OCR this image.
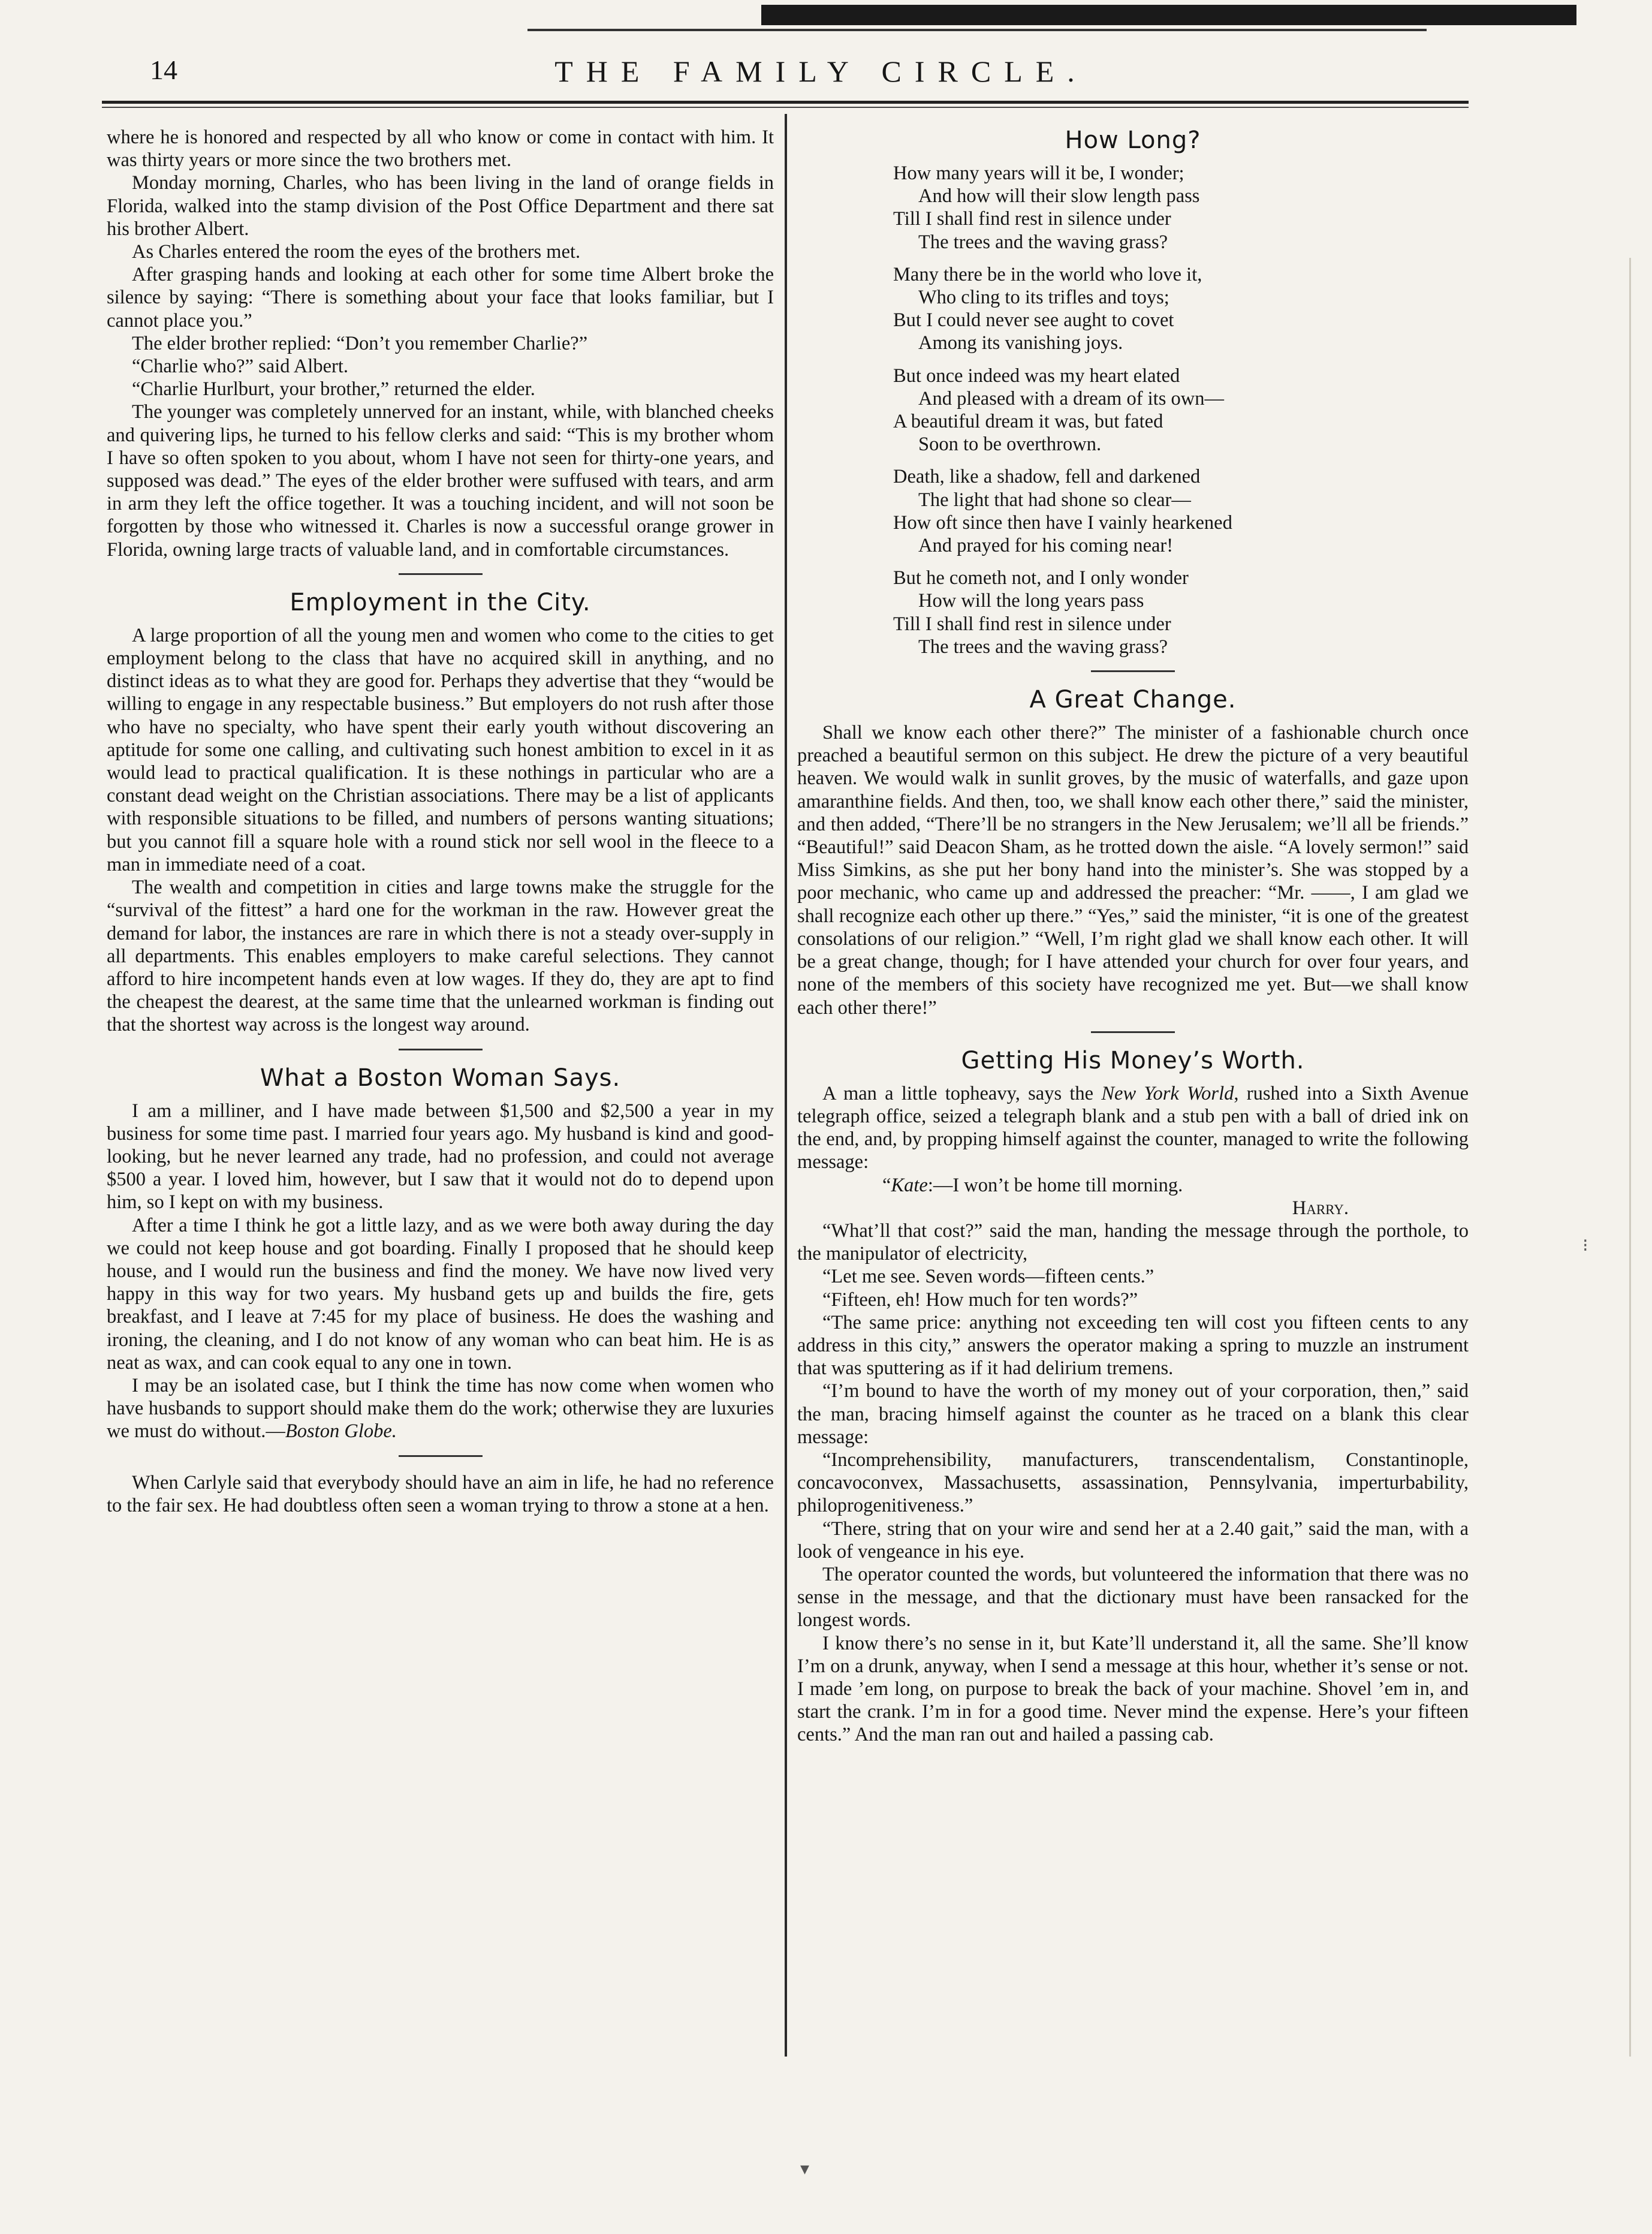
14	THE FAMILY CIRCLE.

where he is honored and respected by all who know or come in contact with him. It was thirty years or more since the two brothers met.

Monday morning, Charles, who has been living in the land of orange fields in Florida, walked into the stamp division of the Post Office Department and there sat his brother Albert.

As Charles entered the room the eyes of the brothers met.

After grasping hands and looking at each other for some time Albert broke the silence by saying: “There is something about your face that looks familiar, but I cannot place you.”

The elder brother replied: “Don’t you remember Charlie?”

“Charlie who?” said Albert.

“Charlie Hurlburt, your brother,” returned the elder.

The younger was completely unnerved for an instant, while, with blanched cheeks and quivering lips, he turned to his fellow clerks and said: “This is my brother whom I have so often spoken to you about, whom I have not seen for thirty-one years, and supposed was dead.” The eyes of the elder brother were suffused with tears, and arm in arm they left the office together. It was a touching incident, and will not soon be forgotten by those who witnessed it. Charles is now a successful orange grower in Florida, owning large tracts of valuable land, and in comfortable circumstances.

Employment in the City.

A large proportion of all the young men and women who come to the cities to get employment belong to the class that have no acquired skill in anything, and no distinct ideas as to what they are good for. Perhaps they advertise that they “would be willing to engage in any respectable business.” But employers do not rush after those who have no specialty, who have spent their early youth without discovering an aptitude for some one calling, and cultivating such honest ambition to excel in it as would lead to practical qualification. It is these nothings in particular who are a constant dead weight on the Christian associations. There may be a list of applicants with responsible situations to be filled, and numbers of persons wanting situations; but you cannot fill a square hole with a round stick nor sell wool in the fleece to a man in immediate need of a coat.

The wealth and competition in cities and large towns make the struggle for the “survival of the fittest” a hard one for the workman in the raw. However great the demand for labor, the instances are rare in which there is not a steady over-supply in all departments. This enables employers to make careful selections. They cannot afford to hire incompetent hands even at low wages. If they do, they are apt to find the cheapest the dearest, at the same time that the unlearned workman is finding out that the shortest way across is the longest way around.

What a Boston Woman Says.

I am a milliner, and I have made between $1,500 and $2,500 a year in my business for some time past. I married four years ago. My husband is kind and good-looking, but he never learned any trade, had no profession, and could not average $500 a year. I loved him, however, but I saw that it would not do to depend upon him, so I kept on with my business.

After a time I think he got a little lazy, and as we were both away during the day we could not keep house and got boarding. Finally I proposed that he should keep house, and I would run the business and find the money. We have now lived very happy in this way for two years. My husband gets up and builds the fire, gets breakfast, and I leave at 7:45 for my place of business. He does the washing and ironing, the cleaning, and I do not know of any woman who can beat him. He is as neat as wax, and can cook equal to any one in town.

I may be an isolated case, but I think the time has now come when women who have husbands to support should make them do the work; otherwise they are luxuries we must do without.—Boston Globe.

When Carlyle said that everybody should have an aim in life, he had no reference to the fair sex. He had doubtless often seen a woman trying to throw a stone at a hen.

How Long?
How many years will it be, I wonder;
And how will their slow length pass
Till I shall find rest in silence under
The trees and the waving grass?
Many there be in the world who love it,
Who cling to its trifles and toys;
But I could never see aught to covet
Among its vanishing joys.
But once indeed was my heart elated
And pleased with a dream of its own—
A beautiful dream it was, but fated
Soon to be overthrown.
Death, like a shadow, fell and darkened
The light that had shone so clear—
How oft since then have I vainly hearkened
And prayed for his coming near!
But he cometh not, and I only wonder
How will the long years pass
Till I shall find rest in silence under
The trees and the waving grass?
A Great Change.

Shall we know each other there?” The minister of a fashionable church once preached a beautiful sermon on this subject. He drew the picture of a very beautiful heaven. We would walk in sunlit groves, by the music of waterfalls, and gaze upon amaranthine fields. And then, too, we shall know each other there,” said the minister, and then added, “There’ll be no strangers in the New Jerusalem; we’ll all be friends.” “Beautiful!” said Deacon Sham, as he trotted down the aisle. “A lovely sermon!” said Miss Simkins, as she put her bony hand into the minister’s. She was stopped by a poor mechanic, who came up and addressed the preacher: “Mr. ——, I am glad we shall recognize each other up there.” “Yes,” said the minister, “it is one of the greatest consolations of our religion.” “Well, I’m right glad we shall know each other. It will be a great change, though; for I have attended your church for over four years, and none of the members of this society have recognized me yet. But—we shall know each other there!”

Getting His Money’s Worth.

A man a little topheavy, says the New York World, rushed into a Sixth Avenue telegraph office, seized a telegraph blank and a stub pen with a ball of dried ink on the end, and, by propping himself against the counter, managed to write the following message:

“Kate:—I won’t be home till morning.

Harry.

“What’ll that cost?” said the man, handing the message through the porthole, to the manipulator of electricity,

“Let me see. Seven words—fifteen cents.”

“Fifteen, eh! How much for ten words?”

“The same price: anything not exceeding ten will cost you fifteen cents to any address in this city,” answers the operator making a spring to muzzle an instrument that was sputtering as if it had delirium tremens.

“I’m bound to have the worth of my money out of your corporation, then,” said the man, bracing himself against the counter as he traced on a blank this clear message:

“Incomprehensibility, manufacturers, transcendentalism, Constantinople, concavoconvex, Massachusetts, assassination, Pennsylvania, imperturbability, philoprogenitiveness.”

“There, string that on your wire and send her at a 2.40 gait,” said the man, with a look of vengeance in his eye.

The operator counted the words, but volunteered the information that there was no sense in the message, and that the dictionary must have been ransacked for the longest words.

I know there’s no sense in it, but Kate’ll understand it, all the same. She’ll know I’m on a drunk, anyway, when I send a message at this hour, whether it’s sense or not. I made ’em long, on purpose to break the back of your machine. Shovel ’em in, and start the crank. I’m in for a good time. Never mind the expense. Here’s your fifteen cents.” And the man ran out and hailed a passing cab.

▾
⁝
